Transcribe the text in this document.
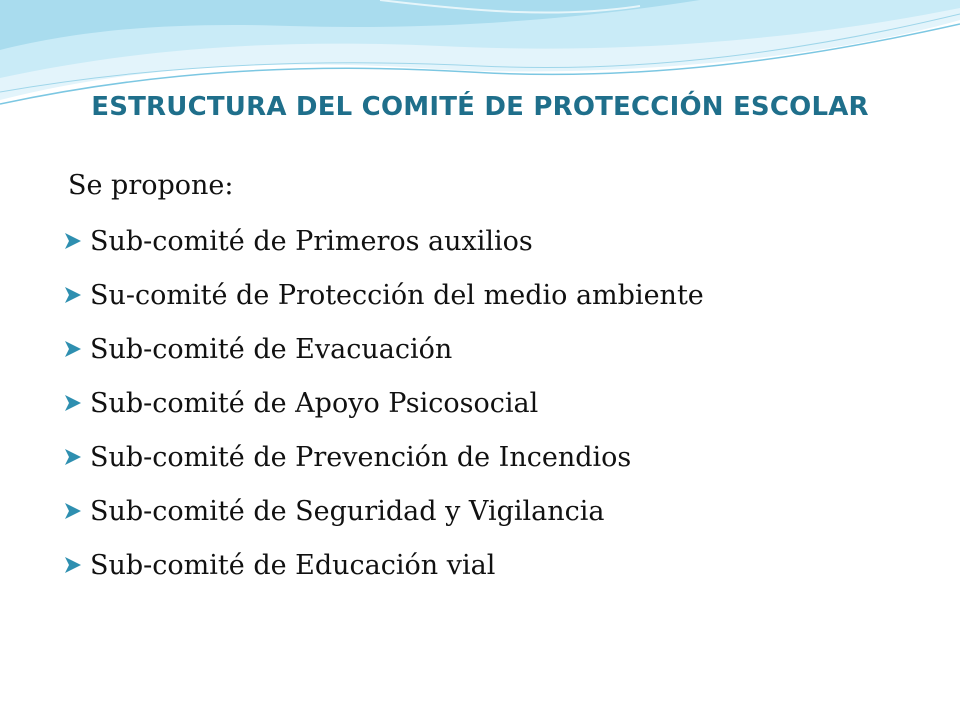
ESTRUCTURA DEL COMITÉ DE PROTECCIÓN ESCOLAR
Se propone:
Sub-comité de Primeros auxilios
Su-comité de Protección del medio ambiente
Sub-comité de Evacuación
Sub-comité de Apoyo Psicosocial
Sub-comité de Prevención de Incendios
Sub-comité de Seguridad y Vigilancia
Sub-comité de Educación vial
